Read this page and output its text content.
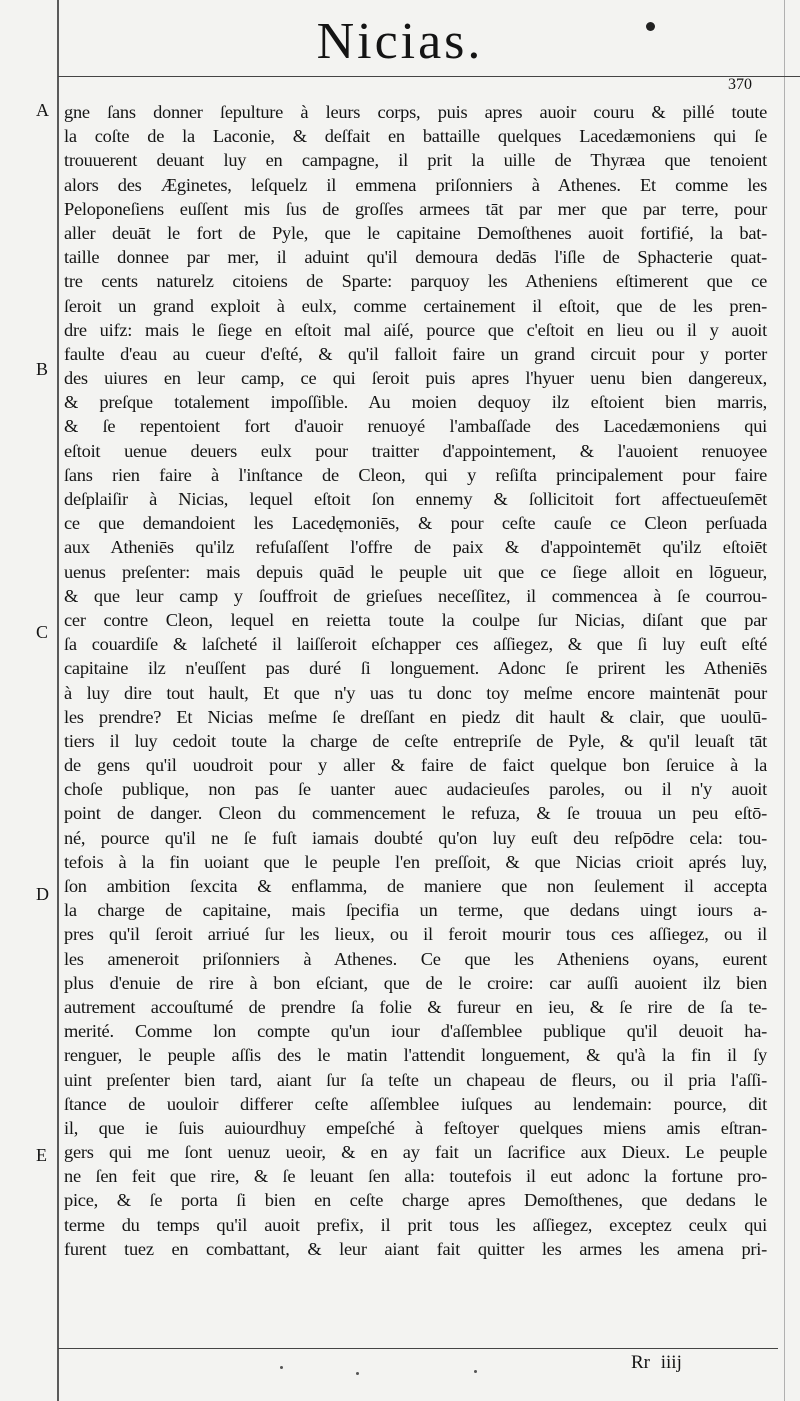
Nicias.
370
A
B
C
D
E
gne ſans donner ſepulture à leurs corps, puis apres auoir couru & pillé toute
la coſte de la Laconie, & deſfait en battaille quelques Lacedæmoniens qui ſe
trouuerent deuant luy en campagne, il prit la uille de Thyræa que tenoient
alors des Æginetes, leſquelz il emmena priſonniers à Athenes. Et comme les
Peloponeſiens euſſent mis ſus de groſſes armees tāt par mer que par terre, pour
aller deuāt le fort de Pyle, que le capitaine Demoſthenes auoit fortifié, la bat-
taille donnee par mer, il aduint qu'il demoura dedās l'iſle de Sphacterie quat-
tre cents naturelz citoiens de Sparte: parquoy les Atheniens eſtimerent que ce
ſeroit un grand exploit à eulx, comme certainement il eſtoit, que de les pren-
dre uifz: mais le ſiege en eſtoit mal aiſé, pource que c'eſtoit en lieu ou il y auoit
faulte d'eau au cueur d'eſté, & qu'il falloit faire un grand circuit pour y porter
des uiures en leur camp, ce qui ſeroit puis apres l'hyuer uenu bien dangereux,
& preſque totalement impoſſible. Au moien dequoy ilz eſtoient bien marris,
& ſe repentoient fort d'auoir renuoyé l'ambaſſade des Lacedæmoniens qui
eſtoit uenue deuers eulx pour traitter d'appointement, & l'auoient renuoyee
ſans rien faire à l'inſtance de Cleon, qui y reſiſta principalement pour faire
deſplaiſir à Nicias, lequel eſtoit ſon ennemy & ſollicitoit fort affectueuſemēt
ce que demandoient les Lacedęmoniēs, & pour ceſte cauſe ce Cleon perſuada
aux Atheniēs qu'ilz refuſaſſent l'offre de paix & d'appointemēt qu'ilz eſtoiēt
uenus preſenter: mais depuis quād le peuple uit que ce ſiege alloit en lōgueur,
& que leur camp y ſouffroit de grieſues neceſſitez, il commencea à ſe courrou-
cer contre Cleon, lequel en reietta toute la coulpe ſur Nicias, diſant que par
ſa couardiſe & laſcheté il laiſſeroit eſchapper ces aſſiegez, & que ſi luy euſt eſté
capitaine ilz n'euſſent pas duré ſi longuement. Adonc ſe prirent les Atheniēs
à luy dire tout hault, Et que n'y uas tu donc toy meſme encore maintenāt pour
les prendre? Et Nicias meſme ſe dreſſant en piedz dit hault & clair, que uoulū-
tiers il luy cedoit toute la charge de ceſte entrepriſe de Pyle, & qu'il leuaſt tāt
de gens qu'il uoudroit pour y aller & faire de faict quelque bon ſeruice à la
choſe publique, non pas ſe uanter auec audacieuſes paroles, ou il n'y auoit
point de danger. Cleon du commencement le refuza, & ſe trouua un peu eſtō-
né, pource qu'il ne ſe fuſt iamais doubté qu'on luy euſt deu reſpōdre cela: tou-
tefois à la fin uoiant que le peuple l'en preſſoit, & que Nicias crioit aprés luy,
ſon ambition ſexcita & enflamma, de maniere que non ſeulement il accepta
la charge de capitaine, mais ſpecifia un terme, que dedans uingt iours a-
pres qu'il ſeroit arriué ſur les lieux, ou il feroit mourir tous ces aſſiegez, ou il
les ameneroit priſonniers à Athenes. Ce que les Atheniens oyans, eurent
plus d'enuie de rire à bon eſciant, que de le croire: car auſſi auoient ilz bien
autrement accouſtumé de prendre ſa folie & fureur en ieu, & ſe rire de ſa te-
merité. Comme lon compte qu'un iour d'aſſemblee publique qu'il deuoit ha-
renguer, le peuple aſſis des le matin l'attendit longuement, & qu'à la fin il ſy
uint preſenter bien tard, aiant ſur ſa teſte un chapeau de fleurs, ou il pria l'aſſi-
ſtance de uouloir differer ceſte aſſemblee iuſques au lendemain: pource, dit
il, que ie ſuis auiourdhuy empeſché à feſtoyer quelques miens amis eſtran-
gers qui me ſont uenuz ueoir, & en ay fait un ſacrifice aux Dieux. Le peuple
ne ſen feit que rire, & ſe leuant ſen alla: toutefois il eut adonc la fortune pro-
pice, & ſe porta ſi bien en ceſte charge apres Demoſthenes, que dedans le
terme du temps qu'il auoit prefix, il prit tous les aſſiegez, exceptez ceulx qui
furent tuez en combattant, & leur aiant fait quitter les armes les amena pri-
Rr iiij
